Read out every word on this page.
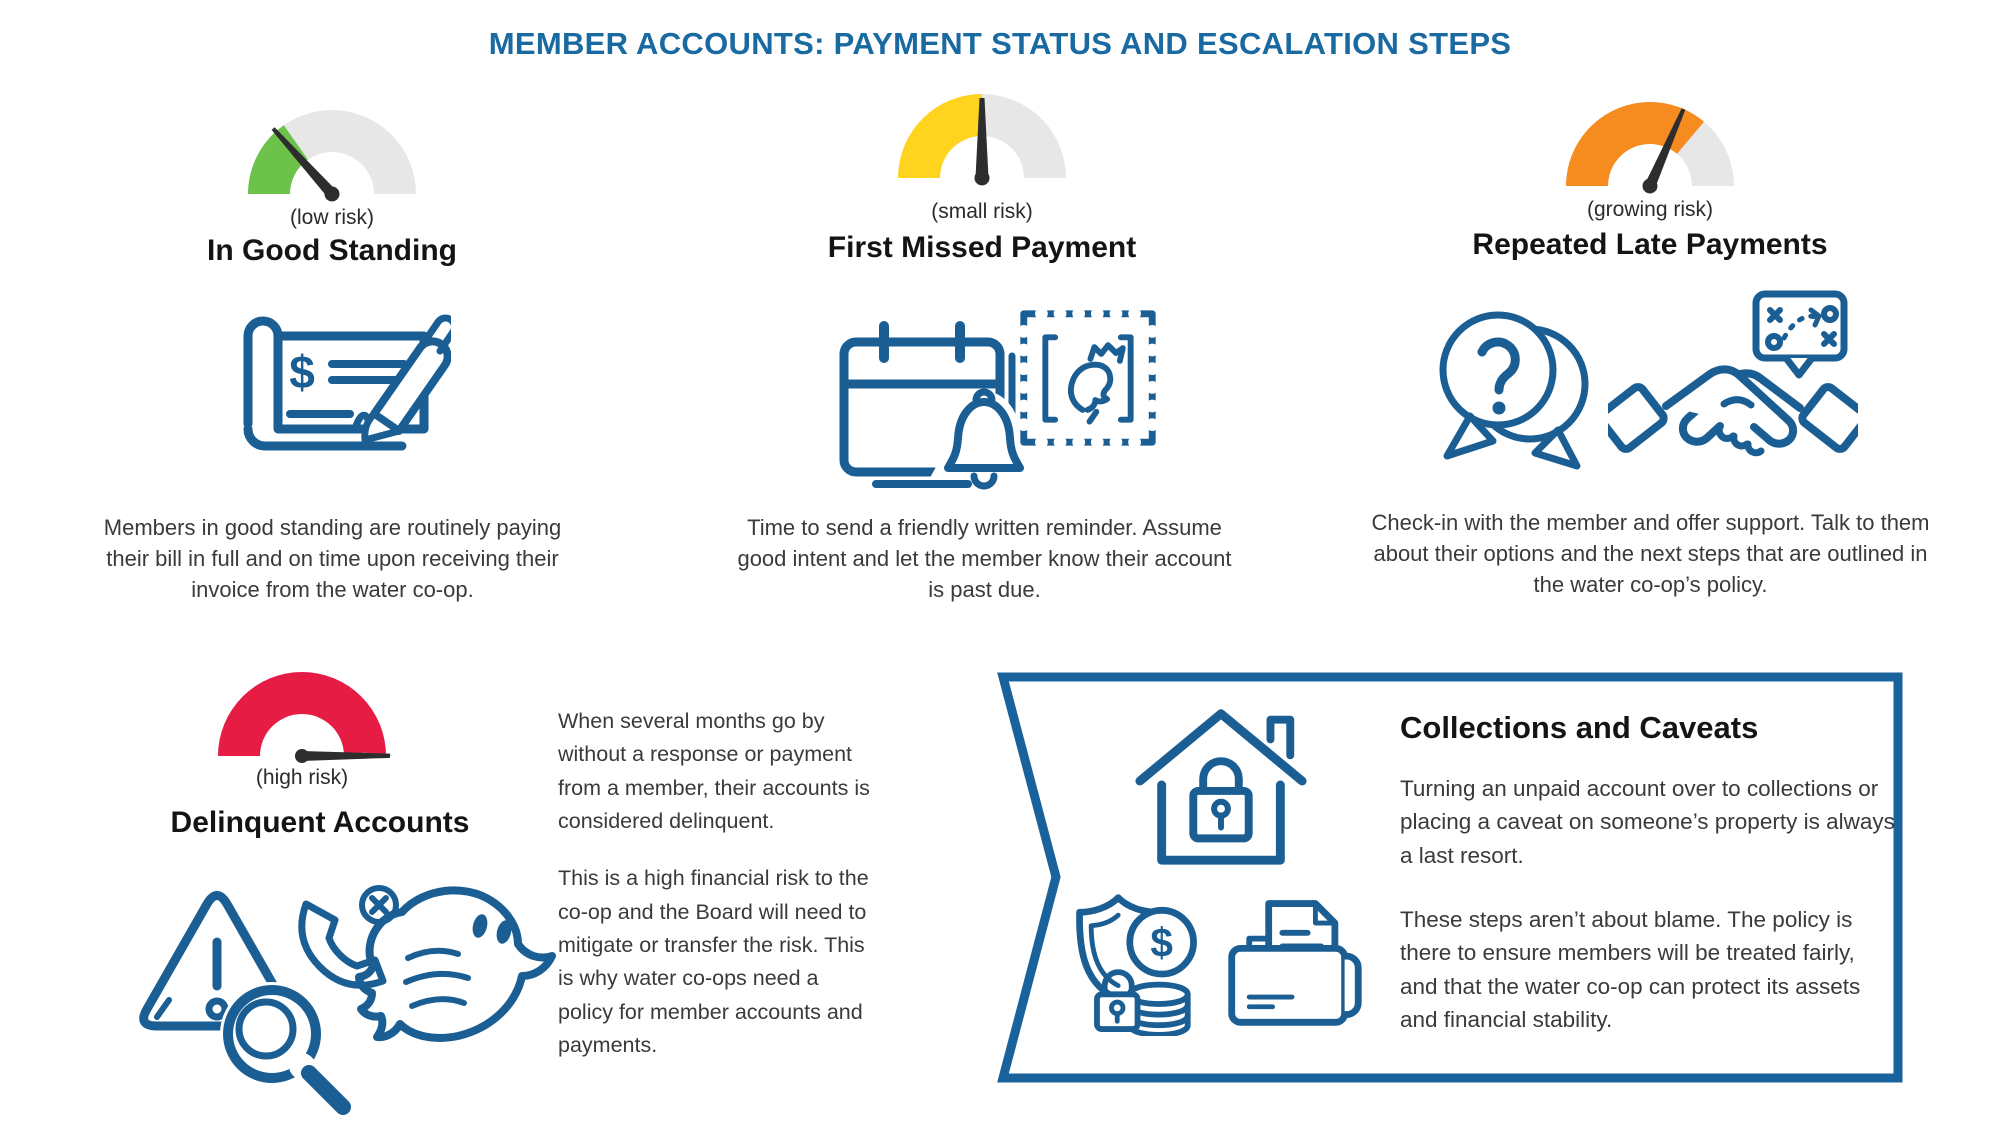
MEMBER ACCOUNTS: PAYMENT STATUS AND ESCALATION STEPS
(low risk)
In Good Standing
$

Members in good standing are routinely paying their bill in full and on time upon receiving their invoice from the water co-op.

(small risk)
First Missed Payment

Time to send a friendly written reminder. Assume good intent and let the member know their account is past due.

(growing risk)
Repeated Late Payments

Check-in with the member and offer support. Talk to them about their options and the next steps that are outlined in the water co-op’s policy.

(high risk)
Delinquent Accounts

When several months go by without a response or payment from a member, their accounts is considered delinquent.

This is a high financial risk to the co-op and the Board will need to mitigate or transfer the risk. This is why water co-ops need a policy for member accounts and payments.

$
Collections and Caveats

Turning an unpaid account over to collections or placing a caveat on someone’s property is always a last resort.

These steps aren’t about blame. The policy is there to ensure members will be treated fairly, and that the water co-op can protect its assets and financial stability.
